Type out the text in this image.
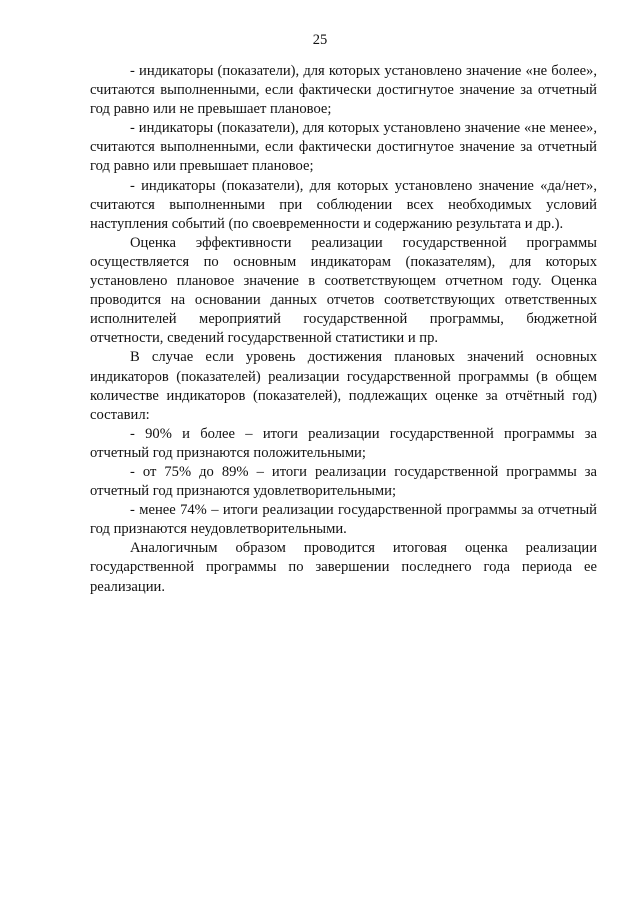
25

- индикаторы (показатели), для которых установлено значение «не более», считаются выполненными, если фактически достигнутое значение за отчетный год равно или не превышает плановое;

- индикаторы (показатели), для которых установлено значение «не менее», считаются выполненными, если фактически достигнутое значение за отчетный год равно или превышает плановое;

- индикаторы (показатели), для которых установлено значение «да/нет», считаются выполненными при соблюдении всех необходимых условий наступления событий (по своевременности и содержанию результата и др.).

Оценка эффективности реализации государственной программы осуществляется по основным индикаторам (показателям), для которых установлено плановое значение в соответствующем отчетном году. Оценка проводится на основании данных отчетов соответствующих ответственных исполнителей мероприятий государственной программы, бюджетной отчетности, сведений государственной статистики и пр.

В случае если уровень достижения плановых значений основных индикаторов (показателей) реализации государственной программы (в общем количестве индикаторов (показателей), подлежащих оценке за отчётный год) составил:

- 90% и более – итоги реализации государственной программы за отчетный год признаются положительными;

- от 75% до 89% – итоги реализации государственной программы за отчетный год признаются удовлетворительными;

- менее 74% – итоги реализации государственной программы за отчетный год признаются неудовлетворительными.

Аналогичным образом проводится итоговая оценка реализации государственной программы по завершении последнего года периода ее реализации.
